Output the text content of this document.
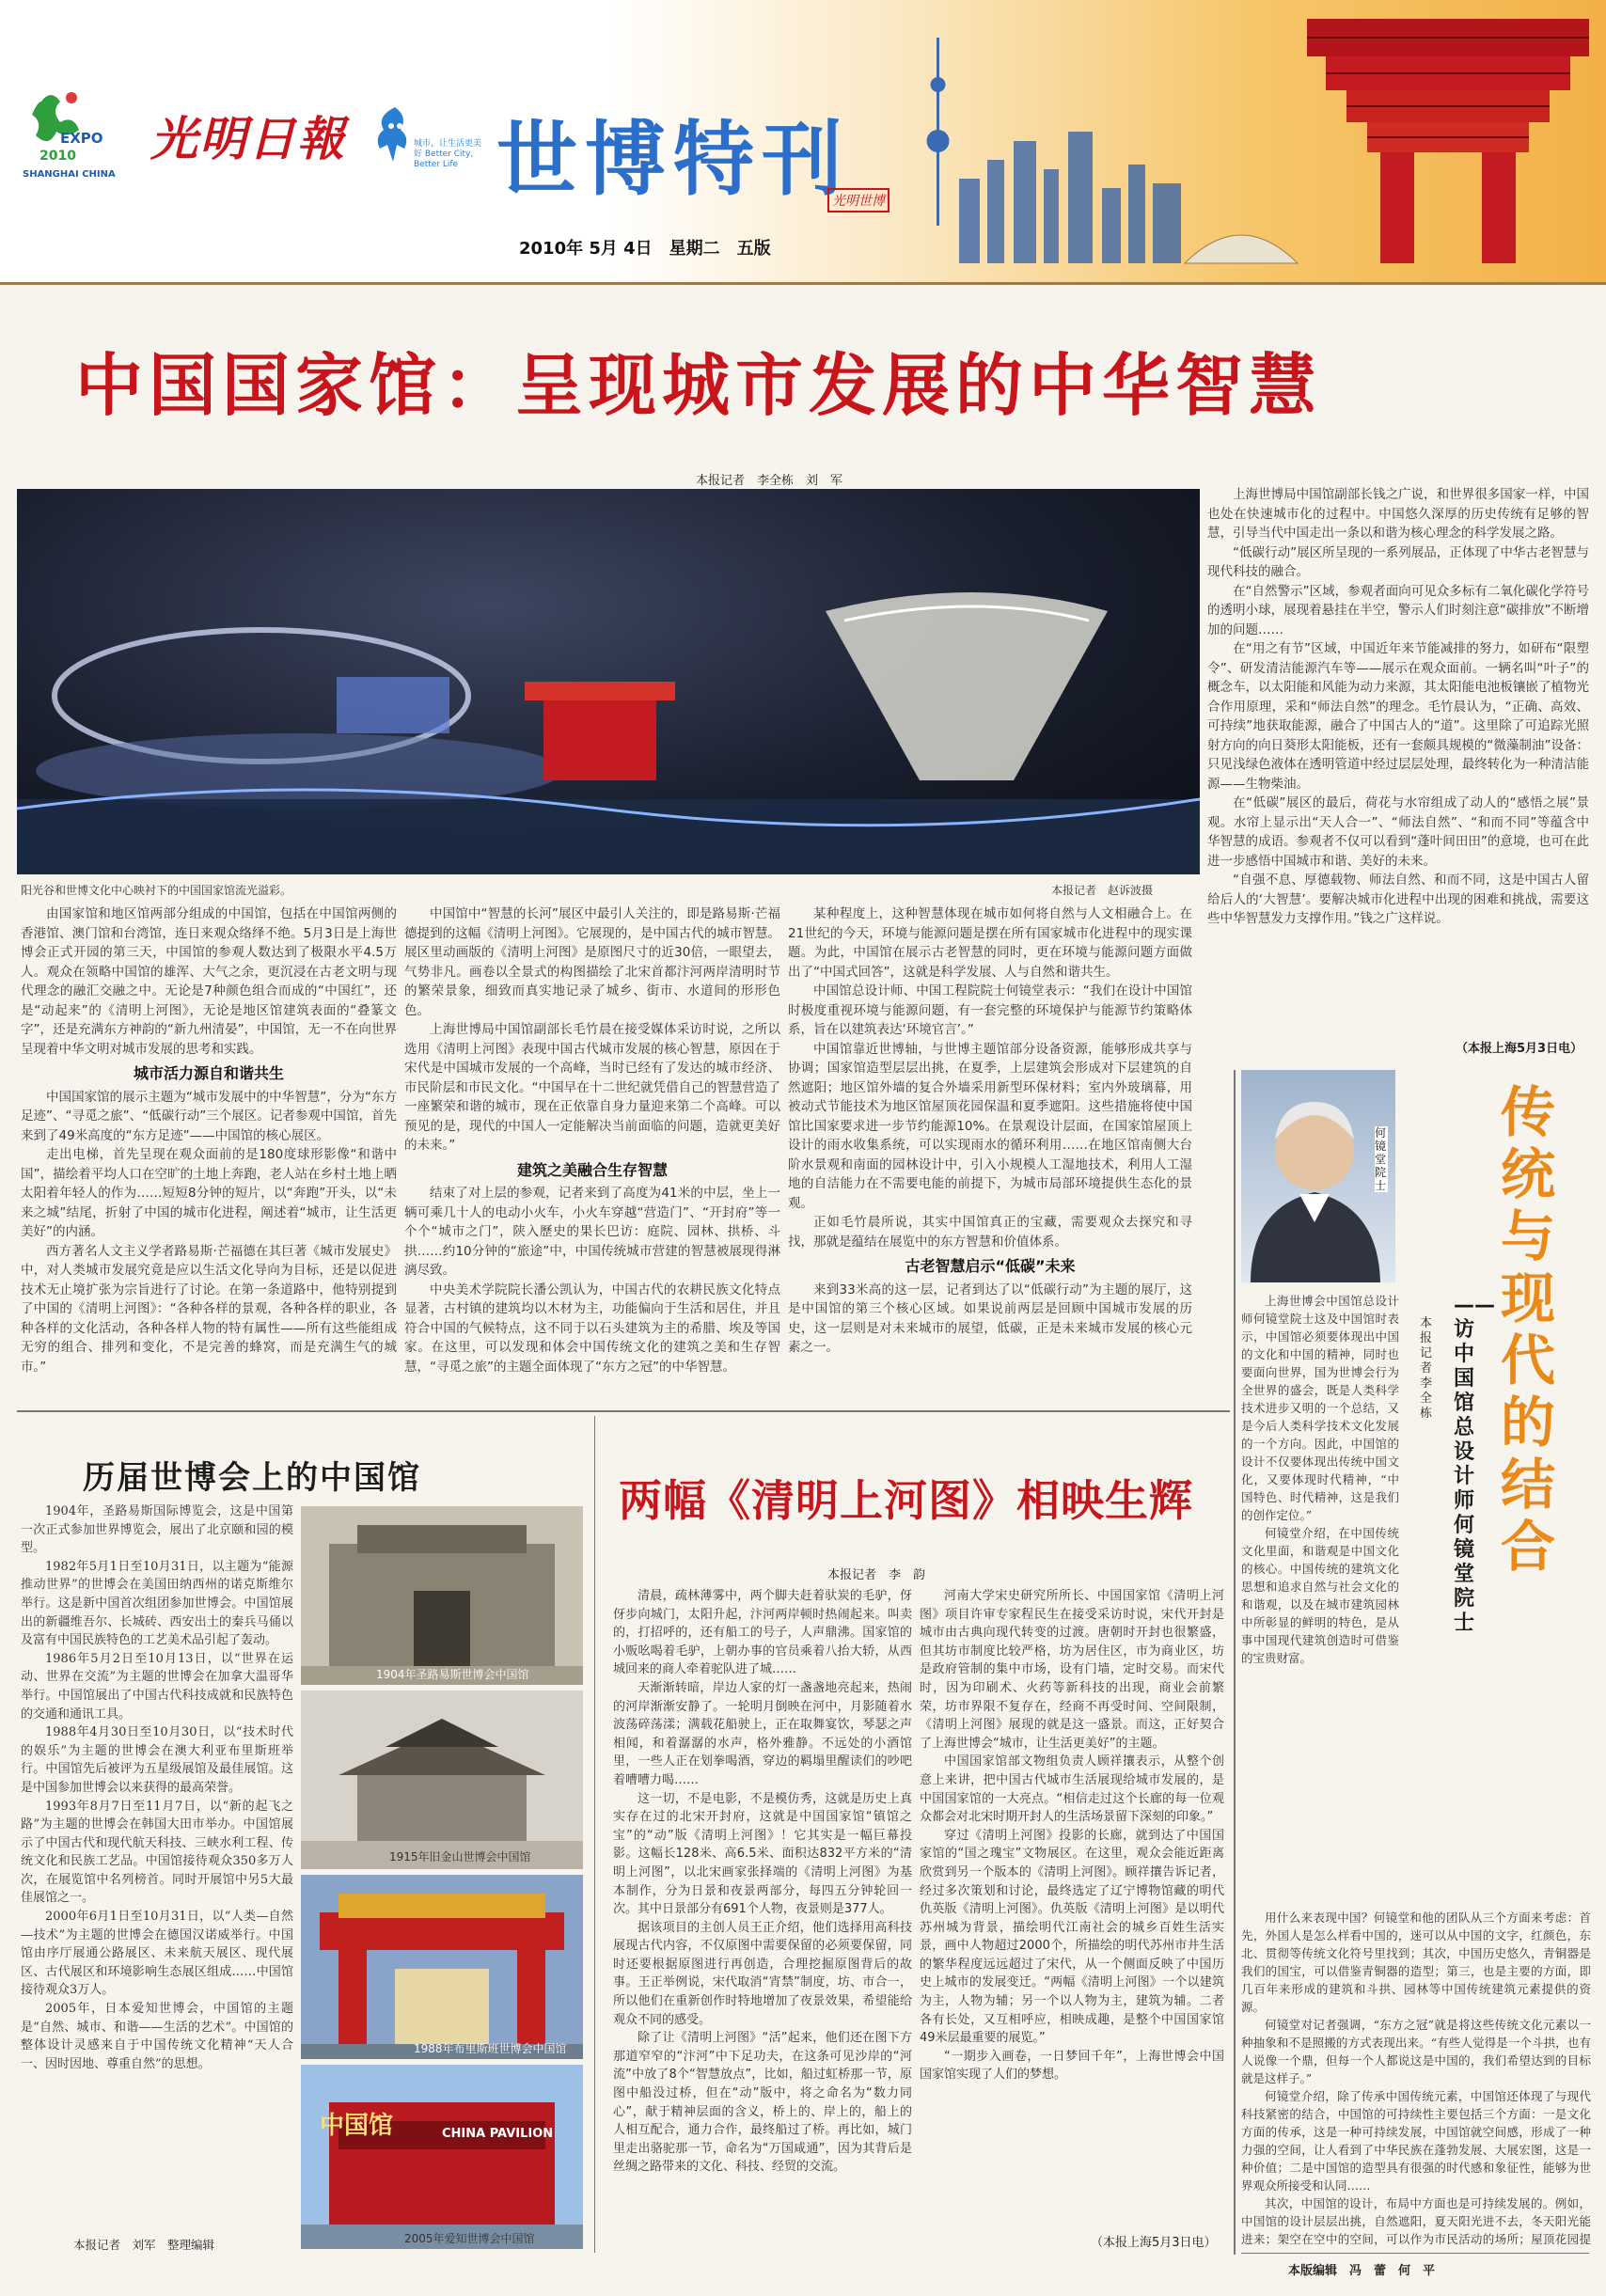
EXPO
2010
SHANGHAI CHINA
光明日報	城市，让生活更美好 Better City, Better Life 世博特刊
光明世博
2010年 5月 4日　星期二　五版
中国国家馆：呈现城市发展的中华智慧
本报记者　李全栋　刘　军
阳光谷和世博文化中心映衬下的中国国家馆流光溢彩。	本报记者　赵诉波摄

由国家馆和地区馆两部分组成的中国馆，包括在中国馆两侧的香港馆、澳门馆和台湾馆，连日来观众络绎不绝。5月3日是上海世博会正式开园的第三天，中国馆的参观人数达到了极限水平4.5万人。观众在领略中国馆的雄浑、大气之余，更沉浸在古老文明与现代理念的融汇交融之中。无论是7种颜色组合而成的“中国红”，还是“动起来”的《清明上河图》，无论是地区馆建筑表面的“叠篆文字”，还是充满东方神韵的“新九州清晏”，中国馆，无一不在向世界呈现着中华文明对城市发展的思考和实践。

城市活力源自和谐共生

中国国家馆的展示主题为“城市发展中的中华智慧”，分为“东方足迹”、“寻觅之旅”、“低碳行动”三个展区。记者参观中国馆，首先来到了49米高度的“东方足迹”——中国馆的核心展区。

走出电梯，首先呈现在观众面前的是180度球形影像“和谐中国”，描绘着平均人口在空旷的土地上奔跑，老人站在乡村土地上晒太阳着年轻人的作为……短短8分钟的短片，以“奔跑”开头，以“未来之城”结尾，折射了中国的城市化进程，阐述着“城市，让生活更美好”的内涵。

西方著名人文主义学者路易斯·芒福德在其巨著《城市发展史》中，对人类城市发展究竟是应以生活文化导向为目标，还是以促进技术无止境扩张为宗旨进行了讨论。在第一条道路中，他特别提到了中国的《清明上河图》：“各种各样的景观，各种各样的职业，各种各样的文化活动，各种各样人物的特有属性——所有这些能组成无穷的组合、排列和变化，不是完善的蜂窝，而是充满生气的城市。”

中国馆中“智慧的长河”展区中最引人关注的，即是路易斯·芒福德提到的这幅《清明上河图》。它展现的，是中国古代的城市智慧。展区里动画版的《清明上河图》是原图尺寸的近30倍，一眼望去，气势非凡。画卷以全景式的构图描绘了北宋首都汴河两岸清明时节的繁荣景象，细致而真实地记录了城乡、街市、水道间的形形色色。

上海世博局中国馆副部长毛竹晨在接受媒体采访时说，之所以选用《清明上河图》表现中国古代城市发展的核心智慧，原因在于宋代是中国城市发展的一个高峰，当时已经有了发达的城市经济、市民阶层和市民文化。“中国早在十二世纪就凭借自己的智慧营造了一座繁荣和谐的城市，现在正依靠自身力量迎来第二个高峰。可以预见的是，现代的中国人一定能解决当前面临的问题，造就更美好的未来。”

建筑之美融合生存智慧

结束了对上层的参观，记者来到了高度为41米的中层，坐上一辆可乘几十人的电动小火车，小火车穿越“营造门”、“开封府”等一个个“城市之门”，陕入歷史的果长巴访：庭院、园林、拱桥、斗拱……约10分钟的“旅途”中，中国传统城市营建的智慧被展现得淋漓尽致。

中央美术学院院长潘公凯认为，中国古代的农耕民族文化特点显著，古村镇的建筑均以木材为主，功能偏向于生活和居住，并且符合中国的气候特点，这不同于以石头建筑为主的希腊、埃及等国家。在这里，可以发现和体会中国传统文化的建筑之美和生存智慧，“寻觅之旅”的主题全面体现了“东方之冠”的中华智慧。

某种程度上，这种智慧体现在城市如何将自然与人文相融合上。在21世纪的今天，环境与能源问题是摆在所有国家城市化进程中的现实课题。为此，中国馆在展示古老智慧的同时，更在环境与能源问题方面做出了“中国式回答”，这就是科学发展、人与自然和谐共生。

中国馆总设计师、中国工程院院士何镜堂表示：“我们在设计中国馆时极度重视环境与能源问题，有一套完整的环境保护与能源节约策略体系，旨在以建筑表达‘环境官言’。”

中国馆靠近世博轴，与世博主题馆部分设备资源，能够形成共享与协调；国家馆造型层层出挑，在夏季，上层建筑会形成对下层建筑的自然遮阳；地区馆外墙的复合外墙采用新型环保材料；室内外玻璃幕，用被动式节能技术为地区馆屋顶花园保温和夏季遮阳。这些措施将使中国馆比国家要求进一步节约能源10%。在景观设计层面，在国家馆屋顶上设计的雨水收集系统，可以实现雨水的循环利用……在地区馆南侧大台阶水景观和南面的园林设计中，引入小规模人工湿地技术，利用人工湿地的自洁能力在不需要电能的前提下，为城市局部环境提供生态化的景观。

正如毛竹晨所说，其实中国馆真正的宝藏，需要观众去探究和寻找，那就是蕴结在展览中的东方智慧和价值体系。

古老智慧启示“低碳”未来

来到33米高的这一层，记者到达了以“低碳行动”为主题的展厅，这是中国馆的第三个核心区域。如果说前两层是回顾中国城市发展的历史，这一层则是对未来城市的展望，低碳，正是未来城市发展的核心元素之一。

上海世博局中国馆副部长钱之广说，和世界很多国家一样，中国也处在快速城市化的过程中。中国悠久深厚的历史传统有足够的智慧，引导当代中国走出一条以和谐为核心理念的科学发展之路。

“低碳行动”展区所呈现的一系列展品，正体现了中华古老智慧与现代科技的融合。

在“自然警示”区域，参观者面向可见众多标有二氧化碳化学符号的透明小球，展现着悬挂在半空，警示人们时刻注意“碳排放”不断增加的问题……

在“用之有节”区域，中国近年来节能减排的努力，如研布“限塑令”、研发清洁能源汽车等——展示在观众面前。一辆名叫“叶子”的概念车，以太阳能和风能为动力来源，其太阳能电池板镶嵌了植物光合作用原理，采和“师法自然”的理念。毛竹晨认为，“正确、高效、可持续”地获取能源，融合了中国古人的“道”。这里除了可追踪光照射方向的向日葵形太阳能板，还有一套颇具规模的“微藻制油”设备：只见浅绿色液体在透明管道中经过层层处理，最终转化为一种清洁能源——生物柴油。

在“低碳”展区的最后，荷花与水帘组成了动人的“感悟之展”景观。水帘上显示出“天人合一”、“师法自然”、“和而不同”等蕴含中华智慧的成语。参观者不仅可以看到“蓬叶间田田”的意境，也可在此进一步感悟中国城市和谐、美好的未来。

“自强不息、厚德载物、师法自然、和而不同，这是中国古人留给后人的‘大智慧’。要解决城市化进程中出现的困难和挑战，需要这些中华智慧发力支撑作用。”钱之广这样说。

（本报上海5月3日电）
历届世博会上的中国馆

1904年，圣路易斯国际博览会，这是中国第一次正式参加世界博览会，展出了北京颐和园的模型。

1982年5月1日至10月31日，以主题为“能源推动世界”的世博会在美国田纳西州的诺克斯维尔举行。这是新中国首次组团参加世博会。中国馆展出的新疆维吾尔、长城砖、西安出土的秦兵马俑以及富有中国民族特色的工艺美术品引起了轰动。

1986年5月2日至10月13日，以“世界在运动、世界在交流”为主题的世博会在加拿大温哥华举行。中国馆展出了中国古代科技成就和民族特色的交通和通讯工具。

1988年4月30日至10月30日，以“技术时代的娱乐”为主题的世博会在澳大利亚布里斯班举行。中国馆先后被评为五星级展馆及最佳展馆。这是中国参加世博会以来获得的最高荣誉。

1993年8月7日至11月7日，以“新的起飞之路”为主题的世博会在韩国大田市举办。中国馆展示了中国古代和现代航天科技、三峡水利工程、传统文化和民族工艺品。中国馆接待观众350多万人次，在展览馆中名列榜首。同时开展馆中另5大最佳展馆之一。

2000年6月1日至10月31日，以“人类—自然—技术”为主题的世博会在德国汉诺威举行。中国馆由序厅展通公路展区、未来航天展区、现代展区、古代展区和环境影响生态展区组成……中国馆接待观众3万人。

2005年，日本爱知世博会，中国馆的主题是“自然、城市、和谐——生活的艺术”。中国馆的整体设计灵感来自于中国传统文化精神“天人合一、因时因地、尊重自然”的思想。

本报记者　刘军　整理编辑
1904年圣路易斯世博会中国馆
1915年旧金山世博会中国馆
1988年布里斯班世博会中国馆
中国馆	CHINA PAVILION
2005年爱知世博会中国馆
两幅《清明上河图》相映生辉
本报记者　李　韵

清晨，疏林薄雾中，两个脚夫赶着驮炭的毛驴，伢伢步向城门，太阳升起，汴河两岸顿时热闹起来。叫卖的，打招呼的，还有船工的号子，人声鼎沸。国家馆的小贩吆喝着毛驴，上朝办事的官员乘着八抬大轿，从西城回来的商人牵着驼队进了城……

天渐渐转暗，岸边人家的灯一盏盏地亮起来，热闹的河岸渐渐安静了。一轮明月倒映在河中，月影随着水波荡碎荡漾；满载花船驶上，正在取舞宴饮，琴瑟之声相闻，和着潺潺的水声，格外雅静。不远处的小酒馆里，一些人正在划拳喝酒，穿边的羁塌里醒读们的吵吧着嘈嘈力喝……

这一切，不是电影，不是模仿秀，这就是历史上真实存在过的北宋开封府，这就是中国国家馆“镇馆之宝”的“动”版《清明上河图》！它其实是一幅巨幕投影。这幅长128米、高6.5米、面积达832平方米的“清明上河图”，以北宋画家张择端的《清明上河图》为基本制作，分为日景和夜景两部分，每四五分钟轮回一次。其中日景部分有691个人物，夜景则是377人。

据该项目的主创人员王正介绍，他们选择用高科技展现古代内容，不仅原图中需要保留的必须要保留，同时还要根据原图进行再创造，合理挖掘原图背后的故事。王正举例说，宋代取消“宵禁”制度，坊、市合一，所以他们在重新创作时特地增加了夜景效果，希望能给观众不同的感受。

除了让《清明上河图》“活”起来，他们还在图下方那道窄窄的“汴河”中下足功夫，在这条可见沙岸的“河流”中放了8个“智慧放点”，比如，船过虹桥那一节，原图中船没过桥，但在“动”版中，将之命名为“数力同心”，献于精神层面的含义，桥上的、岸上的，船上的人相互配合，通力合作，最终船过了桥。再比如，城门里走出骆驼那一节，命名为“万国咸通”，因为其背后是丝绸之路带来的文化、科技、经贸的交流。

河南大学宋史研究所所长、中国国家馆《清明上河图》项目许审专家程民生在接受采访时说，宋代开封是城市由古典向现代转变的过渡。唐朝时开封也很繁盛，但其坊市制度比较严格，坊为居住区，市为商业区，坊是政府管制的集中市场，设有门墙，定时交易。而宋代时，因为印刷术、火药等新科技的出现，商业会前繁荣，坊市界限不复存在，经商不再受时间、空间限制，《清明上河图》展现的就是这一盛景。而这，正好契合了上海世博会“城市，让生活更美好”的主题。

中国国家馆部文物组负责人顾祥攘表示，从整个创意上来讲，把中国古代城市生活展现给城市发展的，是中国国家馆的一大亮点。“相信走过这个长廊的每一位观众都会对北宋时期开封人的生活场景留下深刻的印象。”

穿过《清明上河图》投影的长廊，就到达了中国国家馆的“国之瑰宝”文物展区。在这里，观众会能近距离欣赏到另一个版本的《清明上河图》。顾祥攘告诉记者，经过多次策划和讨论，最终选定了辽宁博物馆藏的明代仇英版《清明上河图》。仇英版《清明上河图》是以明代苏州城为背景，描绘明代江南社会的城乡百姓生活实景，画中人物超过2000个，所描绘的明代苏州市井生活的繁华程度远远超过了宋代，从一个侧面反映了中国历史上城市的发展变迁。“两幅《清明上河图》一个以建筑为主，人物为辅；另一个以人物为主，建筑为辅。二者各有长处，又互相呼应，相映成趣，是整个中国国家馆49米层最重要的展览。”

“一期步入画卷，一日梦回千年”，上海世博会中国国家馆实现了人们的梦想。

（本报上海5月3日电）
何镜堂院士
传统
与
现代的
结合
——访中国馆总设计师何镜堂院士
本报记者　李全栋

上海世博会中国馆总设计师何镜堂院士这及中国馆时表示，中国馆必须要体现出中国的文化和中国的精神，同时也要面向世界，国为世博会行为全世界的盛会，既是人类科学技术进步又明的一个总结，又是今后人类科学技术文化发展的一个方向。因此，中国馆的设计不仅要体现出传统中国文化，又要体现时代精神，“中国特色、时代精神，这是我们的创作定位。”

何镜堂介绍，在中国传统文化里面，和谐观是中国文化的核心。中国传统的建筑文化思想和追求自然与社会文化的和谐观，以及在城市建筑园林中所彰显的鲜明的特色，是从事中国现代建筑创造时可借鉴的宝贵财富。

用什么来表现中国？何镜堂和他的团队从三个方面来考虑：首先，外国人是怎么样看中国的，迷可以从中国的文字，红颜色，东北、贯彻等传统文化符号里找到；其次，中国历史悠久，青铜器是我们的国宝，可以借鉴青铜器的造型；第三，也是主要的方面，即几百年来形成的建筑和斗拱、园林等中国传统建筑元素提供的资源。

何镜堂对记者强调，“东方之冠”就是将这些传统文化元素以一种抽象和不是照搬的方式表现出来。“有些人觉得是一个斗拱，也有人说像一个鼎，但每一个人都说这是中国的，我们希望达到的目标就是这样子。”

何镜堂介绍，除了传承中国传统元素，中国馆还体现了与现代科技紧密的结合，中国馆的可持续性主要包括三个方面：一是文化方面的传承，这是一种可持续发展，中国馆就空间感，形成了一种力强的空间，让人看到了中华民族在蓬勃发展、大展宏图，这是一种价值；二是中国馆的造型具有很强的时代感和象征性，能够为世界观众所接受和认同……

其次，中国馆的设计，布局中方面也是可持续发展的。例如，中国馆的设计层层出挑，自然遮阳，夏天阳光进不去，冬天阳光能进来；架空在空中的空间，可以作为市民活动的场所；屋顶花园提

本版编辑　冯　蕾　何　平
